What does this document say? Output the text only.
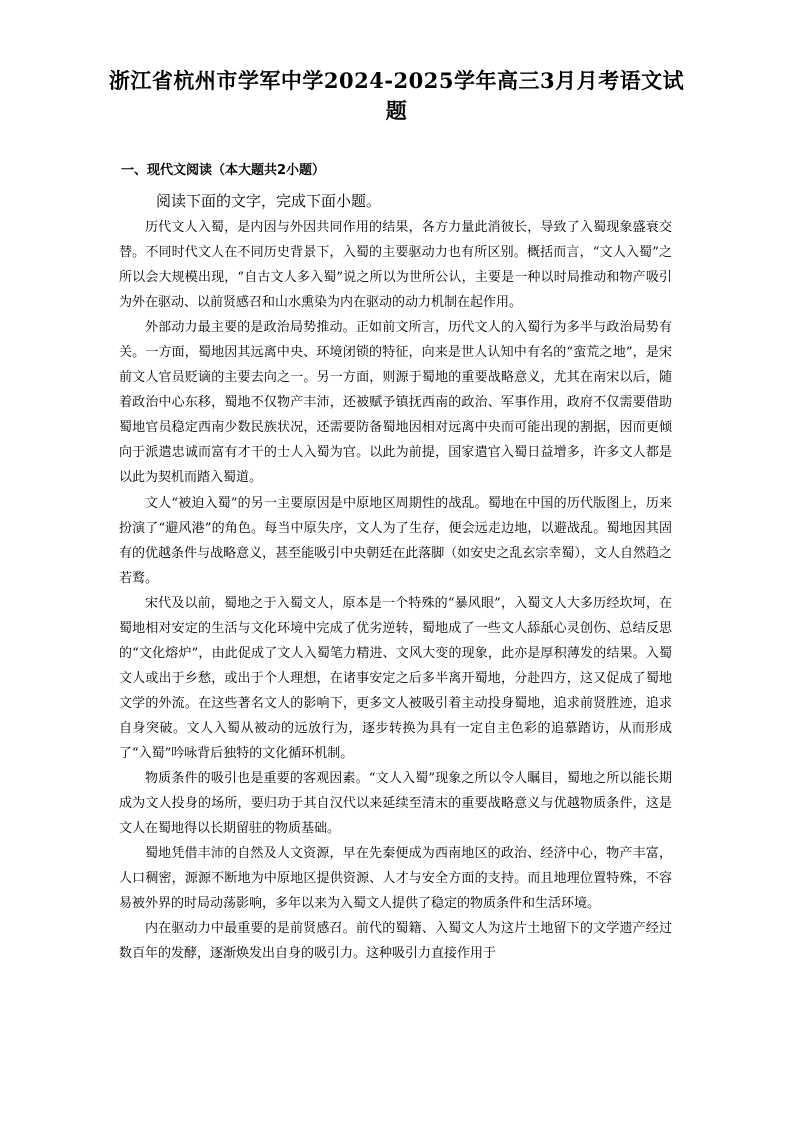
浙江省杭州市学军中学2024-2025学年高三3月月考语文试题
一、现代文阅读（本大题共2小题）
阅读下面的文字，完成下面小题。

历代文人入蜀，是内因与外因共同作用的结果，各方力量此消彼长，导致了入蜀现象盛衰交替。不同时代文人在不同历史背景下，入蜀的主要驱动力也有所区别。概括而言，“文人入蜀”之所以会大规模出现，“自古文人多入蜀”说之所以为世所公认，主要是一种以时局推动和物产吸引为外在驱动、以前贤感召和山水熏染为内在驱动的动力机制在起作用。

外部动力最主要的是政治局势推动。正如前文所言，历代文人的入蜀行为多半与政治局势有关。一方面，蜀地因其远离中央、环境闭锁的特征，向来是世人认知中有名的“蛮荒之地”，是宋前文人官员贬谪的主要去向之一。另一方面，则源于蜀地的重要战略意义，尤其在南宋以后，随着政治中心东移，蜀地不仅物产丰沛，还被赋予镇抚西南的政治、军事作用，政府不仅需要借助蜀地官员稳定西南少数民族状况，还需要防备蜀地因相对远离中央而可能出现的割据，因而更倾向于派遣忠诚而富有才干的士人入蜀为官。以此为前提，国家遣官入蜀日益增多，许多文人都是以此为契机而踏入蜀道。

文人“被迫入蜀”的另一主要原因是中原地区周期性的战乱。蜀地在中国的历代版图上，历来扮演了“避风港”的角色。每当中原失序，文人为了生存，便会远走边地，以避战乱。蜀地因其固有的优越条件与战略意义，甚至能吸引中央朝廷在此落脚（如安史之乱玄宗幸蜀），文人自然趋之若鹜。

宋代及以前，蜀地之于入蜀文人，原本是一个特殊的“暴风眼”，入蜀文人大多历经坎坷，在蜀地相对安定的生活与文化环境中完成了优劣逆转，蜀地成了一些文人舔舐心灵创伤、总结反思的“文化熔炉”，由此促成了文人入蜀笔力精进、文风大变的现象，此亦是厚积薄发的结果。入蜀文人或出于乡愁，或出于个人理想，在诸事安定之后多半离开蜀地，分赴四方，这又促成了蜀地文学的外流。在这些著名文人的影响下，更多文人被吸引着主动投身蜀地，追求前贤胜迹，追求自身突破。文人入蜀从被动的远放行为，逐步转换为具有一定自主色彩的追慕踏访，从而形成了“入蜀”吟咏背后独特的文化循环机制。

物质条件的吸引也是重要的客观因素。“文人入蜀”现象之所以令人瞩目，蜀地之所以能长期成为文人投身的场所，要归功于其自汉代以来延续至清末的重要战略意义与优越物质条件，这是文人在蜀地得以长期留驻的物质基础。

蜀地凭借丰沛的自然及人文资源，早在先秦便成为西南地区的政治、经济中心，物产丰富，人口稠密，源源不断地为中原地区提供资源、人才与安全方面的支持。而且地理位置特殊，不容易被外界的时局动荡影响，多年以来为入蜀文人提供了稳定的物质条件和生活环境。

内在驱动力中最重要的是前贤感召。前代的蜀籍、入蜀文人为这片土地留下的文学遗产经过数百年的发酵，逐渐焕发出自身的吸引力。这种吸引力直接作用于
